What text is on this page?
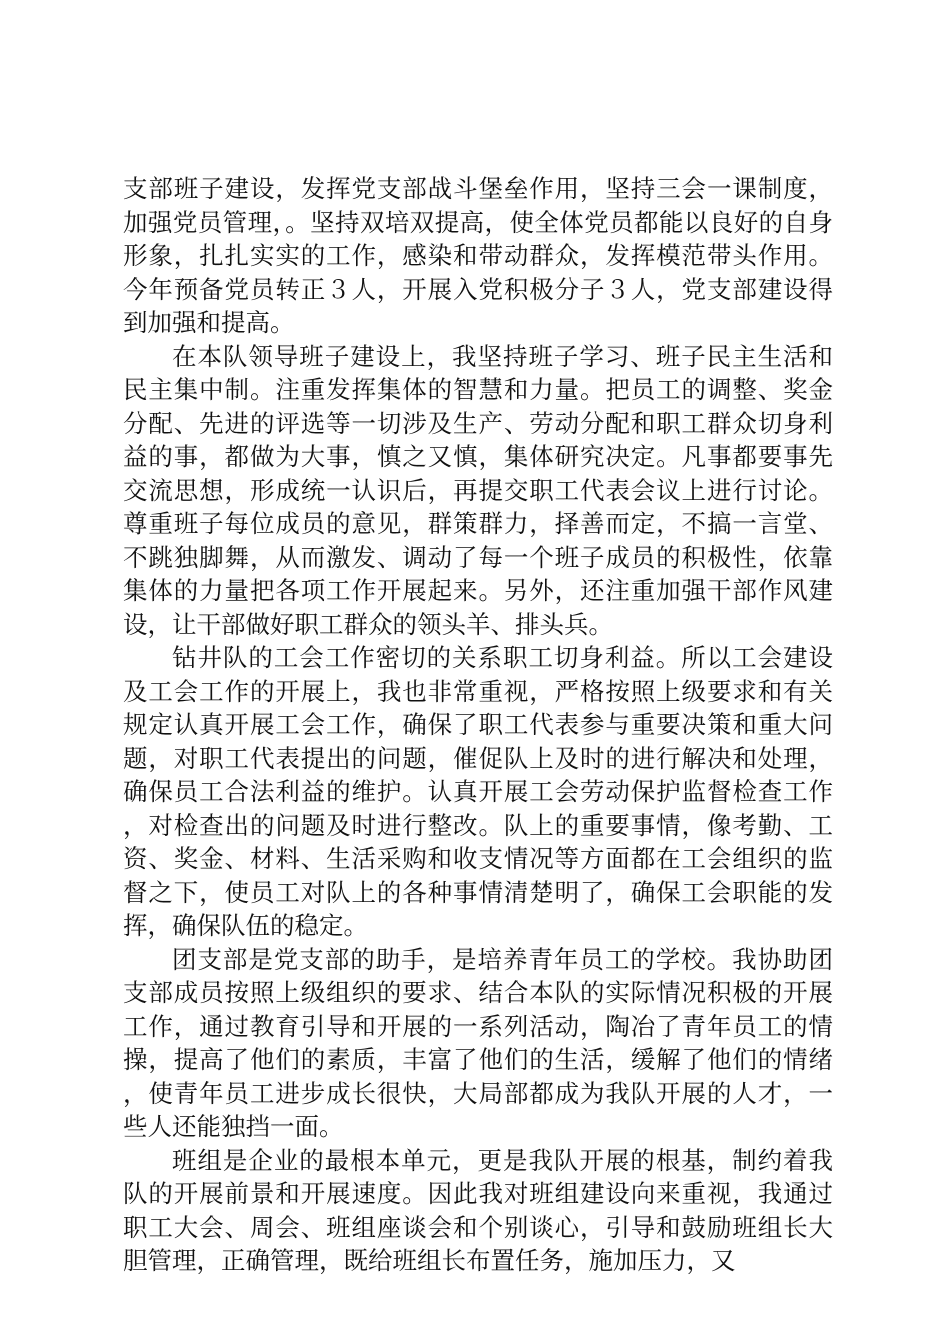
支部班子建设，发挥党支部战斗堡垒作用，坚持三会一课制度，加强党员管理，。坚持双培双提高，使全体党员都能以良好的自身形象，扎扎实实的工作，感染和带动群众，发挥模范带头作用。今年预备党员转正３人，开展入党积极分子３人，党支部建设得到加强和提高。

在本队领导班子建设上，我坚持班子学习、班子民主生活和民主集中制。注重发挥集体的智慧和力量。把员工的调整、奖金分配、先进的评选等一切涉及生产、劳动分配和职工群众切身利益的事，都做为大事，慎之又慎，集体研究决定。凡事都要事先交流思想，形成统一认识后，再提交职工代表会议上进行讨论。尊重班子每位成员的意见，群策群力，择善而定，不搞一言堂、不跳独脚舞，从而激发、调动了每一个班子成员的积极性，依靠集体的力量把各项工作开展起来。另外，还注重加强干部作风建设，让干部做好职工群众的领头羊、排头兵。

钻井队的工会工作密切的关系职工切身利益。所以工会建设及工会工作的开展上，我也非常重视，严格按照上级要求和有关规定认真开展工会工作，确保了职工代表参与重要决策和重大问题，对职工代表提出的问题，催促队上及时的进行解决和处理，确保员工合法利益的维护。认真开展工会劳动保护监督检查工作，对检查出的问题及时进行整改。队上的重要事情，像考勤、工资、奖金、材料、生活采购和收支情况等方面都在工会组织的监督之下，使员工对队上的各种事情清楚明了，确保工会职能的发挥，确保队伍的稳定。

团支部是党支部的助手，是培养青年员工的学校。我协助团支部成员按照上级组织的要求、结合本队的实际情况积极的开展工作，通过教育引导和开展的一系列活动，陶冶了青年员工的情操，提高了他们的素质，丰富了他们的生活，缓解了他们的情绪，使青年员工进步成长很快，大局部都成为我队开展的人才，一些人还能独挡一面。

班组是企业的最根本单元，更是我队开展的根基，制约着我队的开展前景和开展速度。因此我对班组建设向来重视，我通过职工大会、周会、班组座谈会和个别谈心，引导和鼓励班组长大胆管理，正确管理，既给班组长布置任务，施加压力，又
